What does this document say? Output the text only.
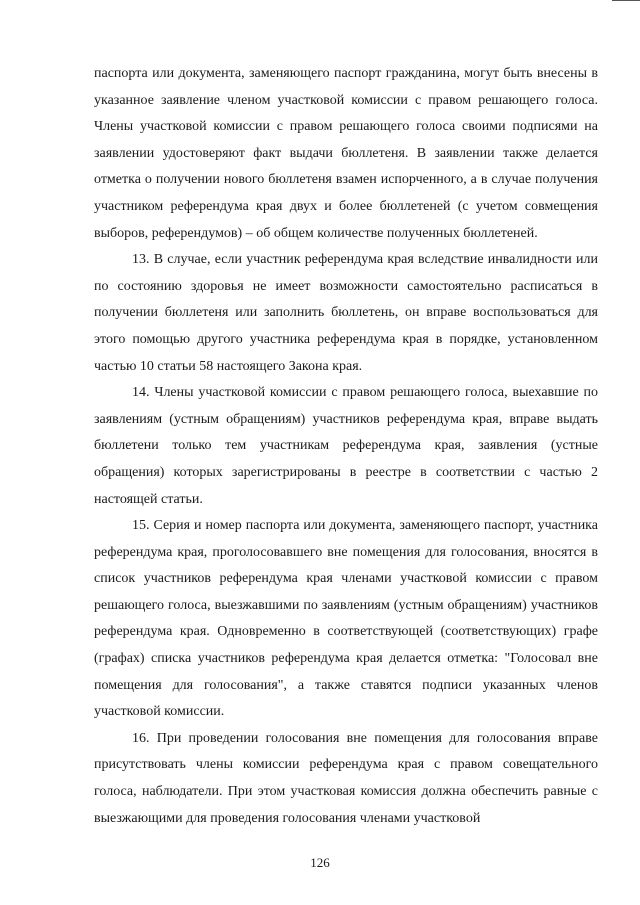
паспорта или документа, заменяющего паспорт гражданина, могут быть внесены в указанное заявление членом участковой комиссии с правом решающего голоса. Члены участковой комиссии с правом решающего голоса своими подписями на заявлении удостоверяют факт выдачи бюллетеня. В заявлении также делается отметка о получении нового бюллетеня взамен испорченного, а в случае получения участником референдума края двух и более бюллетеней (с учетом совмещения выборов, референдумов) – об общем количестве полученных бюллетеней.

13. В случае, если участник референдума края вследствие инвалидности или по состоянию здоровья не имеет возможности самостоятельно расписаться в получении бюллетеня или заполнить бюллетень, он вправе воспользоваться для этого помощью другого участника референдума края в порядке, установленном частью 10 статьи 58 настоящего Закона края.

14. Члены участковой комиссии с правом решающего голоса, выехавшие по заявлениям (устным обращениям) участников референдума края, вправе выдать бюллетени только тем участникам референдума края, заявления (устные обращения) которых зарегистрированы в реестре в соответствии с частью 2 настоящей статьи.

15. Серия и номер паспорта или документа, заменяющего паспорт, участника референдума края, проголосовавшего вне помещения для голосования, вносятся в список участников референдума края членами участковой комиссии с правом решающего голоса, выезжавшими по заявлениям (устным обращениям) участников референдума края. Одновременно в соответствующей (соответствующих) графе (графах) списка участников референдума края делается отметка: "Голосовал вне помещения для голосования", а также ставятся подписи указанных членов участковой комиссии.

16. При проведении голосования вне помещения для голосования вправе присутствовать члены комиссии референдума края с правом совещательного голоса, наблюдатели. При этом участковая комиссия должна обеспечить равные с выезжающими для проведения голосования членами участковой

126
